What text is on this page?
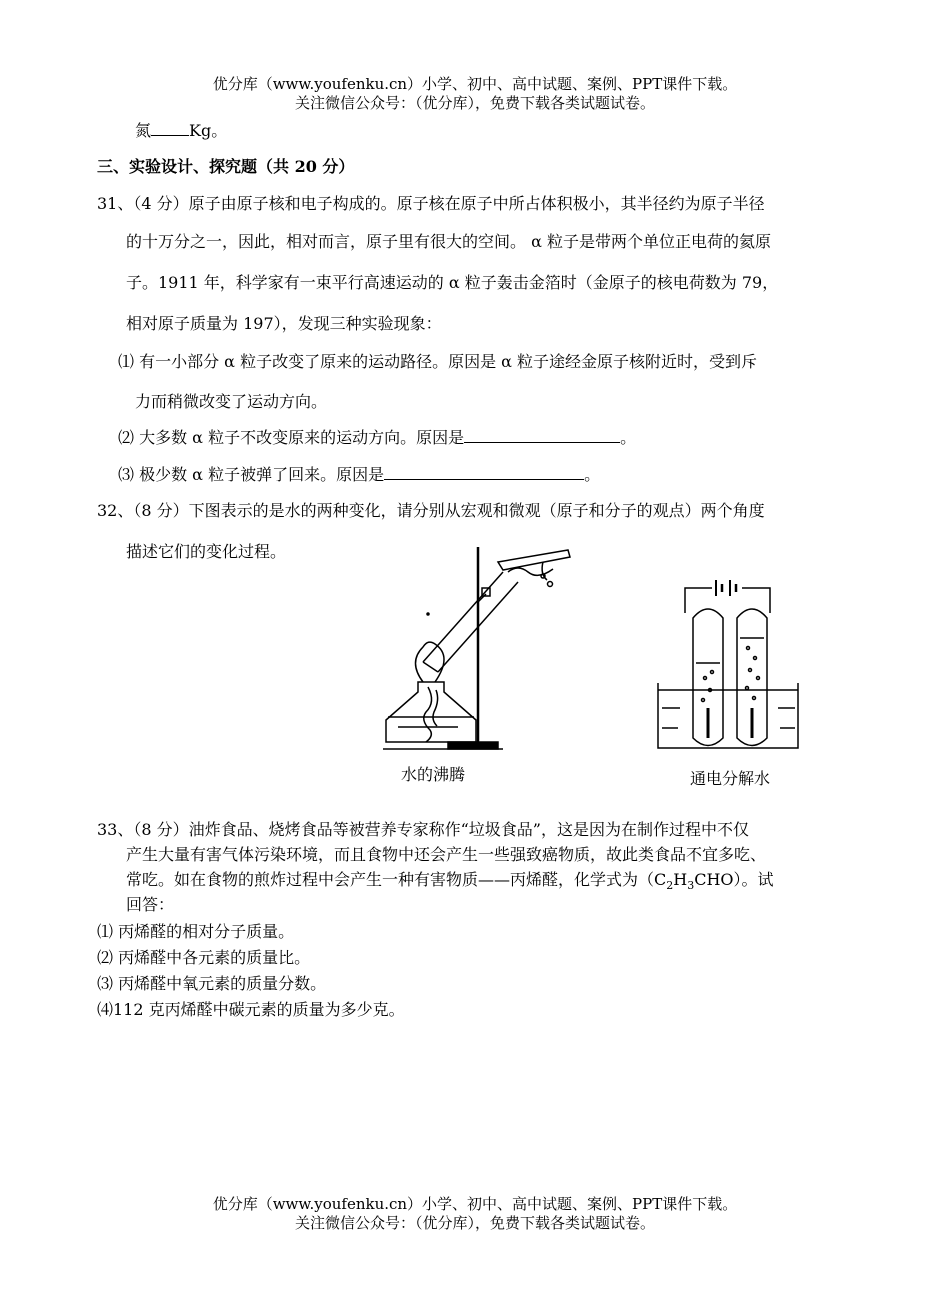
优分库（www.youfenku.cn）小学、初中、高中试题、案例、PPT课件下载。
关注微信公众号：（优分库），免费下载各类试题试卷。
氮 Kg。
三、实验设计、探究题（共 20 分）
31、（4 分）原子由原子核和电子构成的。原子核在原子中所占体积极小，其半径约为原子半径
的十万分之一，因此，相对而言，原子里有很大的空间。 α 粒子是带两个单位正电荷的氦原
子。1911 年，科学家有一束平行高速运动的 α 粒子轰击金箔时（金原子的核电荷数为 79，
相对原子质量为 197），发现三种实验现象：
⑴ 有一小部分 α 粒子改变了原来的运动路径。原因是 α 粒子途经金原子核附近时，受到斥
力而稍微改变了运动方向。
⑵ 大多数 α 粒子不改变原来的运动方向。原因是	。
⑶ 极少数 α 粒子被弹了回来。原因是	。
32、（8 分）下图表示的是水的两种变化，请分别从宏观和微观（原子和分子的观点）两个角度
描述它们的变化过程。
水的沸腾	通电分解水
33、（8 分）油炸食品、烧烤食品等被营养专家称作“垃圾食品”，这是因为在制作过程中不仅
产生大量有害气体污染环境，而且食物中还会产生一些强致癌物质，故此类食品不宜多吃、
常吃。如在食物的煎炸过程中会产生一种有害物质——丙烯醛，化学式为$(C_2H_3CHO)$。试
回答：
⑴ 丙烯醛的相对分子质量。
⑵ 丙烯醛中各元素的质量比。
⑶ 丙烯醛中氧元素的质量分数。
⑷112 克丙烯醛中碳元素的质量为多少克。
优分库（www.youfenku.cn）小学、初中、高中试题、案例、PPT课件下载。
关注微信公众号：（优分库），免费下载各类试题试卷。
